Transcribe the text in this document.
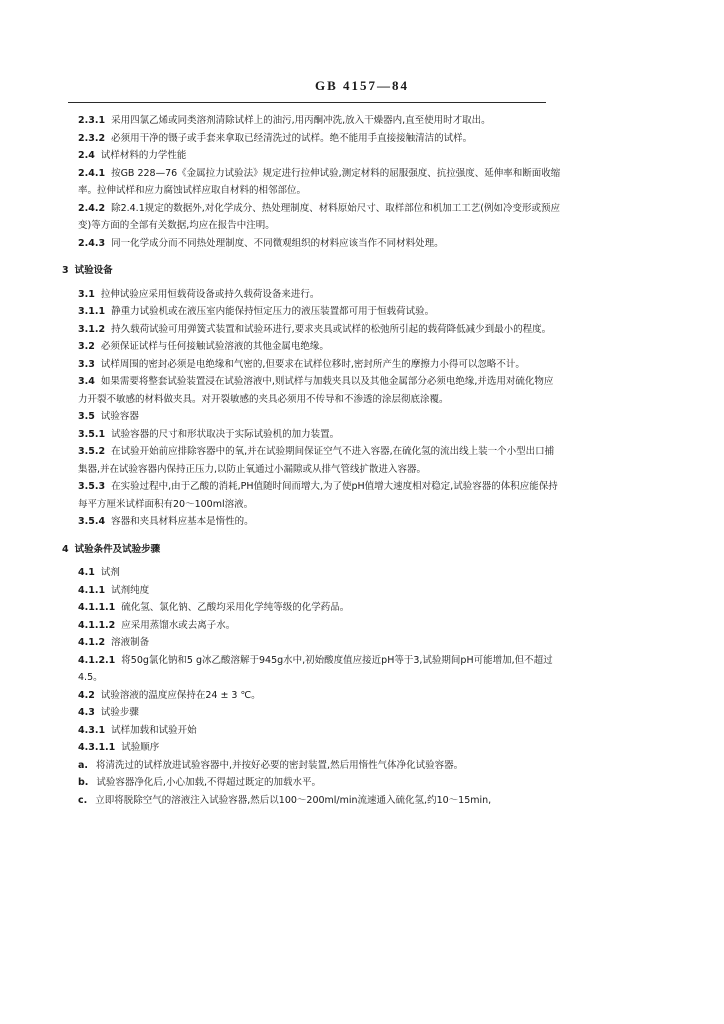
GB 4157—84

2.3.1 采用四氯乙烯或同类溶剂清除试样上的油污,用丙酮冲洗,放入干燥器内,直至使用时才取出。

2.3.2 必须用干净的镊子或手套来拿取已经清洗过的试样。绝不能用手直接接触清洁的试样。

2.4 试样材料的力学性能

2.4.1 按GB 228—76《金属拉力试验法》规定进行拉伸试验,测定材料的屈服强度、抗拉强度、延伸率和断面收缩率。拉伸试样和应力腐蚀试样应取自材料的相邻部位。

2.4.2 除2.4.1规定的数据外,对化学成分、热处理制度、材料原始尺寸、取样部位和机加工工艺(例如冷变形或预应变)等方面的全部有关数据,均应在报告中注明。

2.4.3 同一化学成分而不同热处理制度、不同微观组织的材料应该当作不同材料处理。

3 试验设备

3.1 拉伸试验应采用恒载荷设备或持久载荷设备来进行。

3.1.1 静重力试验机或在液压室内能保持恒定压力的液压装置都可用于恒载荷试验。

3.1.2 持久载荷试验可用弹簧式装置和试验环进行,要求夹具或试样的松弛所引起的载荷降低减少到最小的程度。

3.2 必须保证试样与任何接触试验溶液的其他金属电绝缘。

3.3 试样周围的密封必须是电绝缘和气密的,但要求在试样位移时,密封所产生的摩擦力小得可以忽略不计。

3.4 如果需要将整套试验装置浸在试验溶液中,则试样与加载夹具以及其他金属部分必须电绝缘,并选用对硫化物应力开裂不敏感的材料做夹具。对开裂敏感的夹具必须用不传导和不渗透的涂层彻底涂覆。

3.5 试验容器

3.5.1 试验容器的尺寸和形状取决于实际试验机的加力装置。

3.5.2 在试验开始前应排除容器中的氧,并在试验期间保证空气不进入容器,在硫化氢的流出线上装一个小型出口捕集器,并在试验容器内保持正压力,以防止氧通过小漏隙或从排气管线扩散进入容器。

3.5.3 在实验过程中,由于乙酸的消耗,PH值随时间而增大,为了使pH值增大速度相对稳定,试验容器的体积应能保持每平方厘米试样面积有20～100ml溶液。

3.5.4 容器和夹具材料应基本是惰性的。

4 试验条件及试验步骤

4.1 试剂

4.1.1 试剂纯度

4.1.1.1 硫化氢、氯化钠、乙酸均采用化学纯等级的化学药品。

4.1.1.2 应采用蒸馏水或去离子水。

4.1.2 溶液制备

4.1.2.1 将50g氯化钠和5 g冰乙酸溶解于945g水中,初始酸度值应接近pH等于3,试验期间pH可能增加,但不超过4.5。

4.2 试验溶液的温度应保持在24 ± 3 ℃。

4.3 试验步骤

4.3.1 试样加载和试验开始

4.3.1.1 试验顺序

a. 将清洗过的试样放进试验容器中,并按好必要的密封装置,然后用惰性气体净化试验容器。

b. 试验容器净化后,小心加载,不得超过既定的加载水平。

c. 立即将脱除空气的溶液注入试验容器,然后以100～200ml/min流速通入硫化氢,约10～15min,
